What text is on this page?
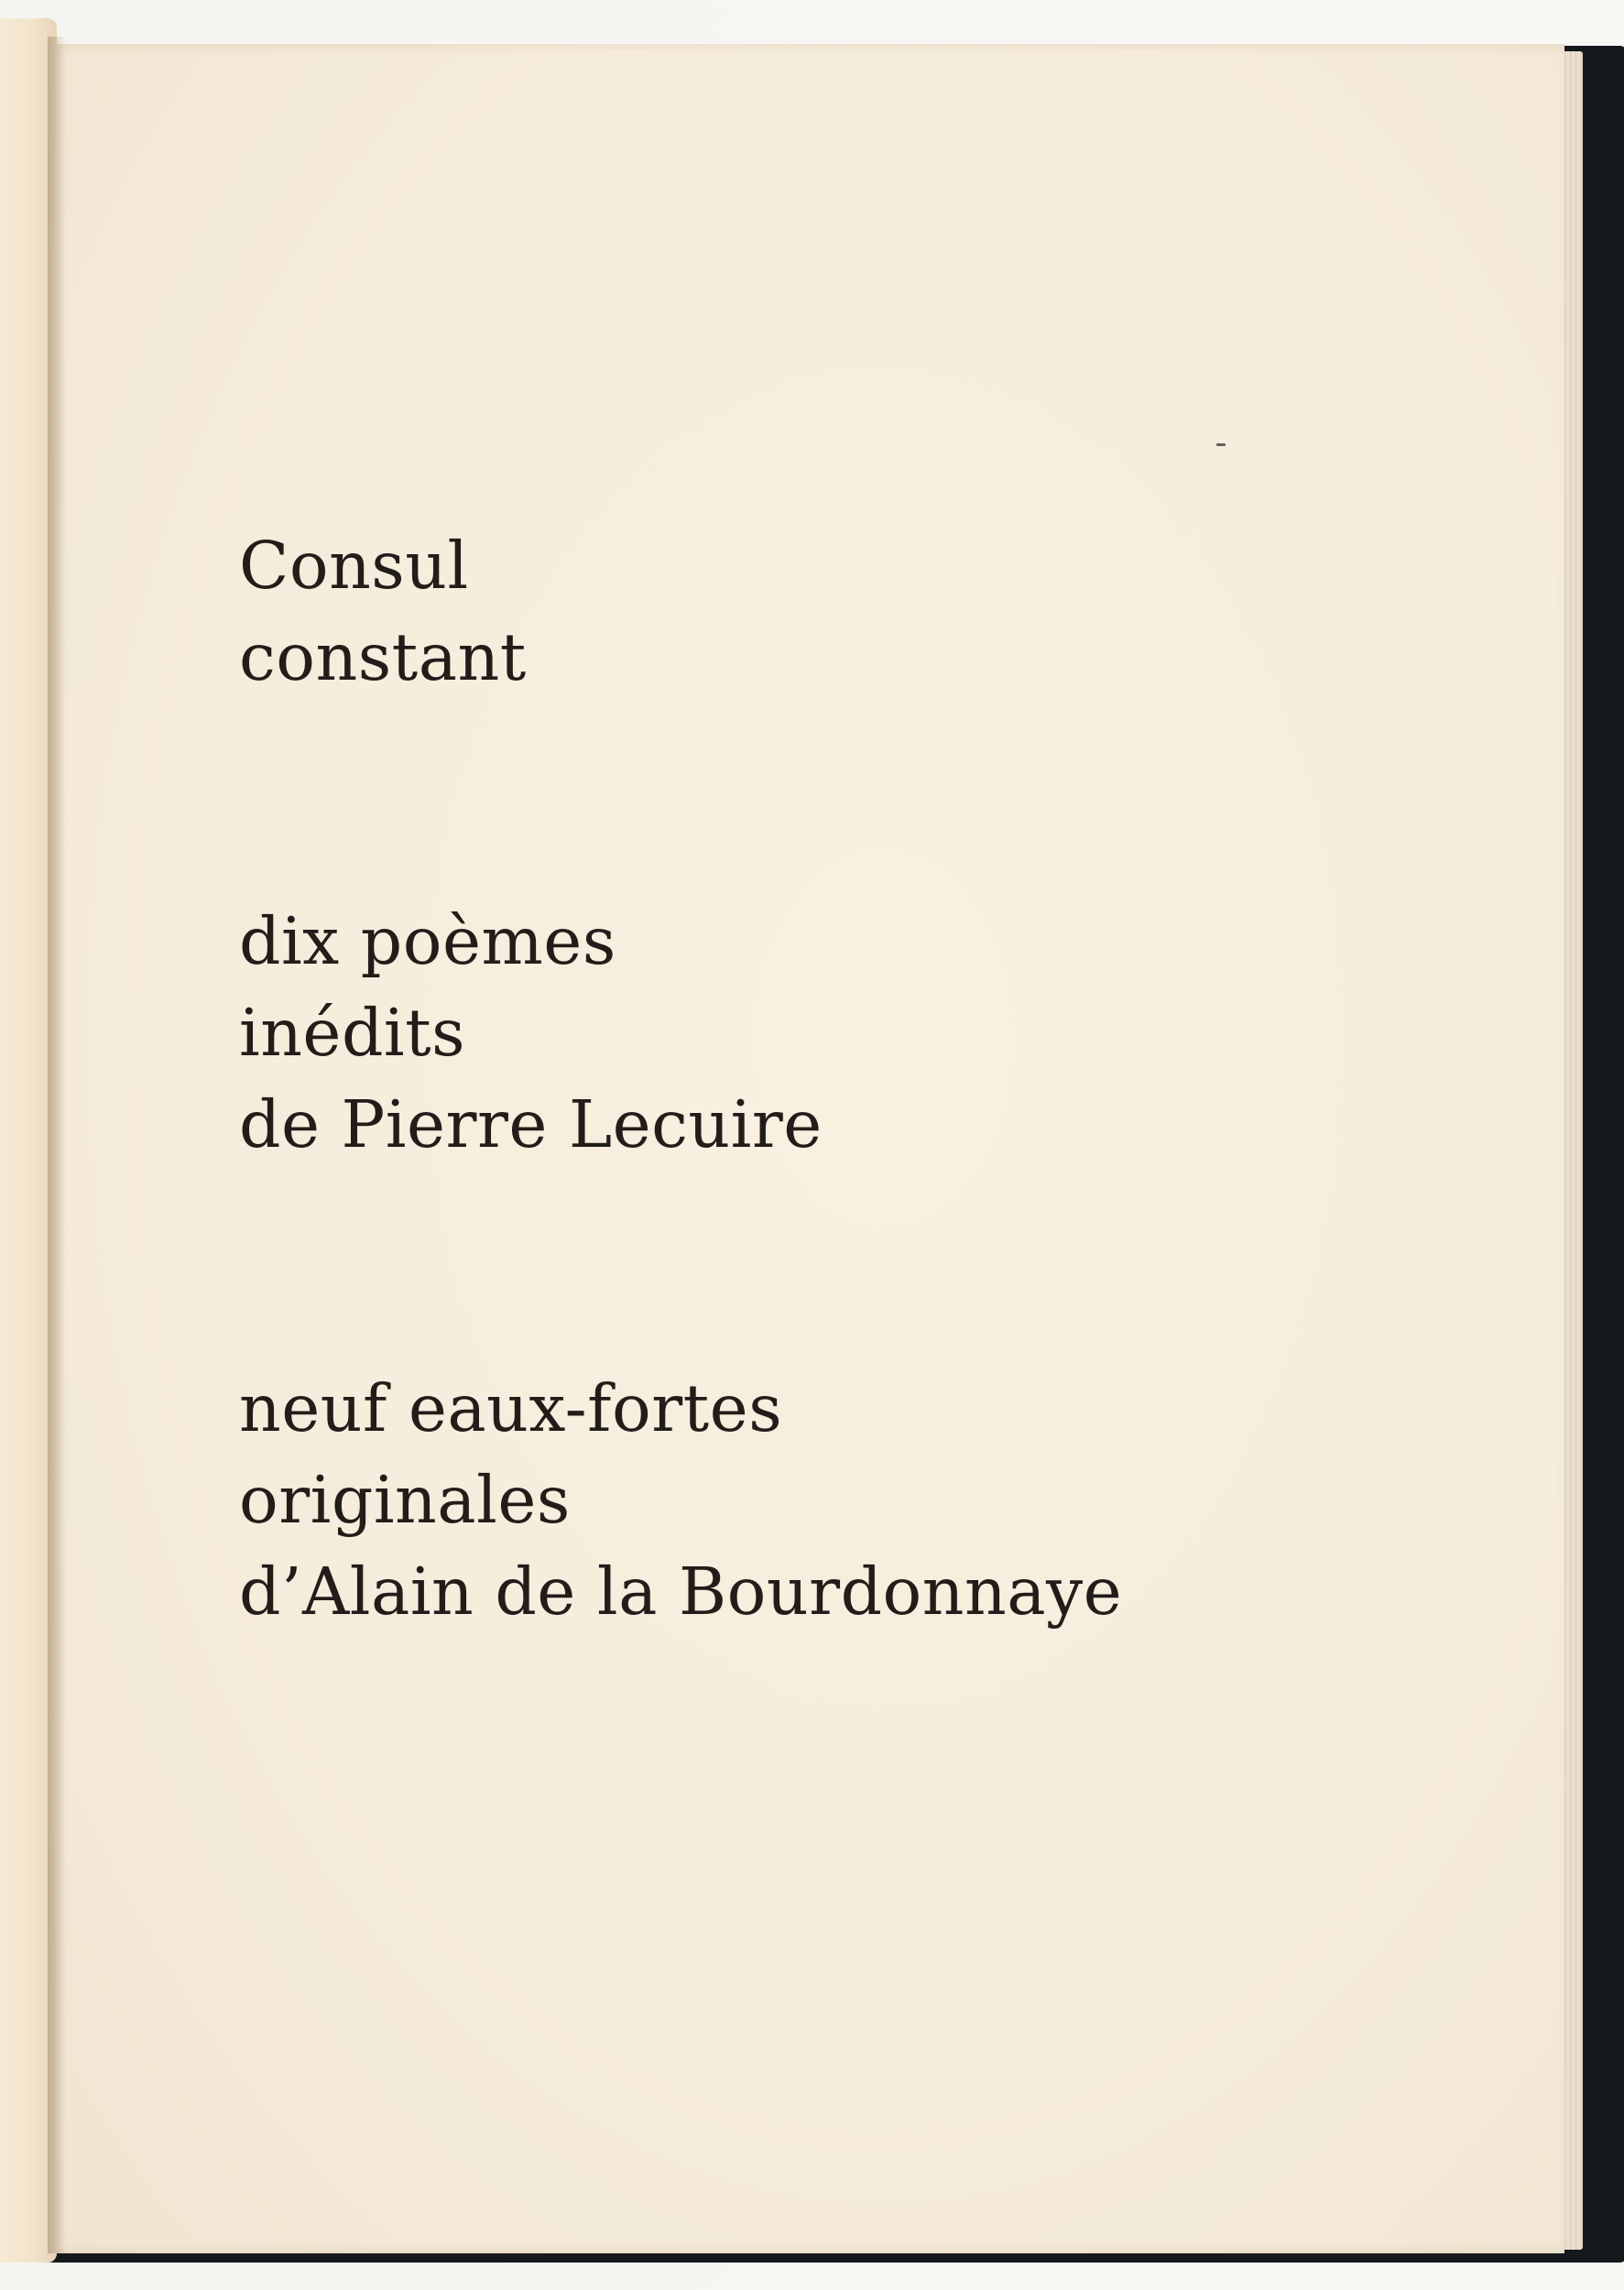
Consul
constant
dix poèmes
inédits
de Pierre Lecuire
neuf eaux-fortes
originales
d’Alain de la Bourdonnaye
